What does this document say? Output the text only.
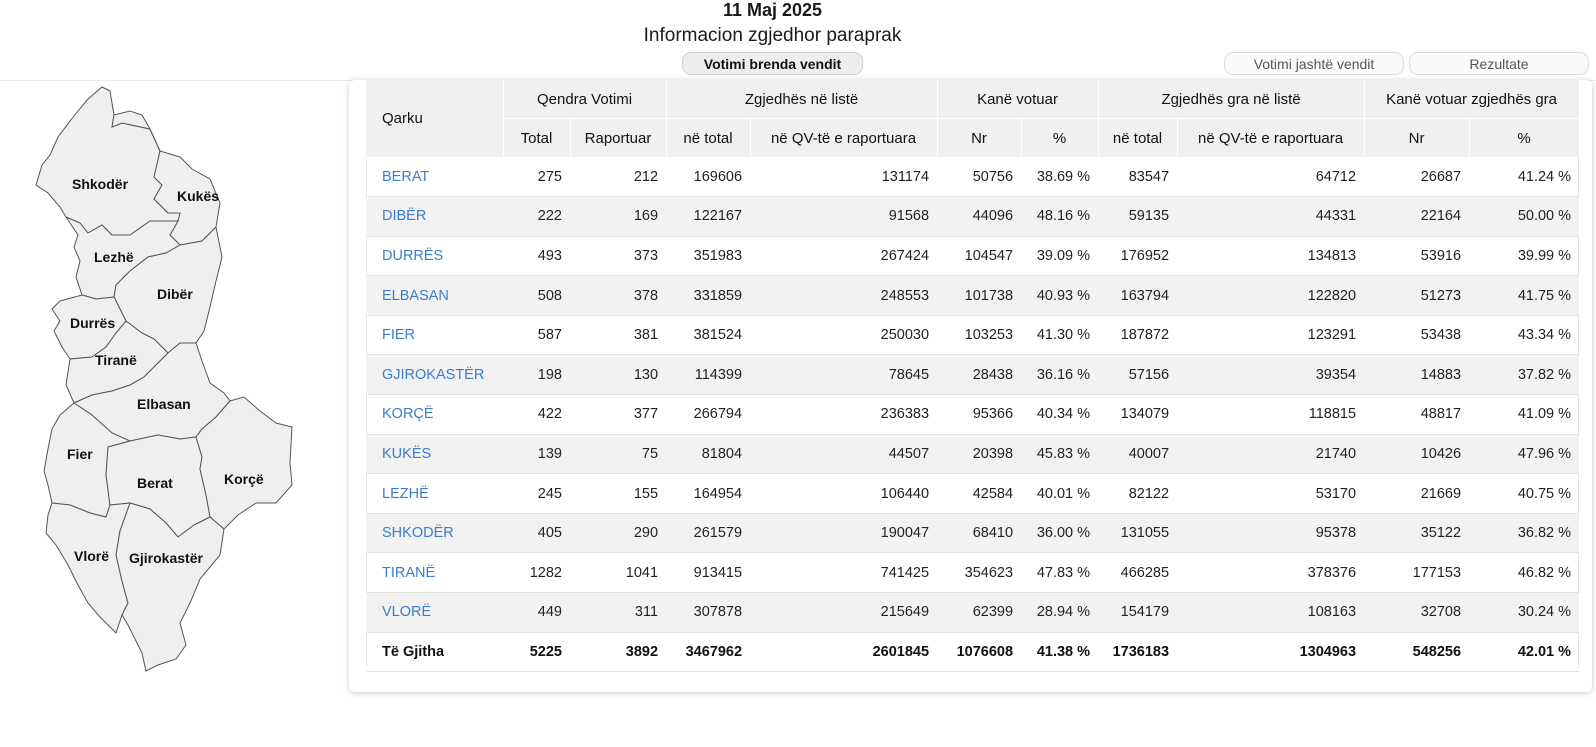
11 Maj 2025
Informacion zgjedhor paraprak
Votimi brenda vendit	Votimi jashtë vendit	Rezultate
Shkodër
Kukës
Lezhë
Dibër
Durrës
Tiranë
Elbasan
Fier
Berat	Korçë
Vlorë Gjirokastër
Qarku	Qendra Votimi		Zgjedhës në listë		Kanë votuar		Zgjedhës gra në listë		Kanë votuar zgjedhës gra	
	Total	Raportuar	në total	në QV-të e raportuara	Nr	%	në total	në QV-të e raportuara	Nr	%
BERAT	275	212	169606	131174	50756	38.69 %	83547	64712	26687	41.24 %
DIBËR	222	169	122167	91568	44096	48.16 %	59135	44331	22164	50.00 %
DURRËS	493	373	351983	267424	104547	39.09 %	176952	134813	53916	39.99 %
ELBASAN	508	378	331859	248553	101738	40.93 %	163794	122820	51273	41.75 %
FIER	587	381	381524	250030	103253	41.30 %	187872	123291	53438	43.34 %
GJIROKASTËR	198	130	114399	78645	28438	36.16 %	57156	39354	14883	37.82 %
KORÇË	422	377	266794	236383	95366	40.34 %	134079	118815	48817	41.09 %
KUKËS	139	75	81804	44507	20398	45.83 %	40007	21740	10426	47.96 %
LEZHË	245	155	164954	106440	42584	40.01 %	82122	53170	21669	40.75 %
SHKODËR	405	290	261579	190047	68410	36.00 %	131055	95378	35122	36.82 %
TIRANË	1282	1041	913415	741425	354623	47.83 %	466285	378376	177153	46.82 %
VLORË	449	311	307878	215649	62399	28.94 %	154179	108163	32708	30.24 %
Të Gjitha	5225	3892	3467962	2601845	1076608	41.38 %	1736183	1304963	548256	42.01 %
